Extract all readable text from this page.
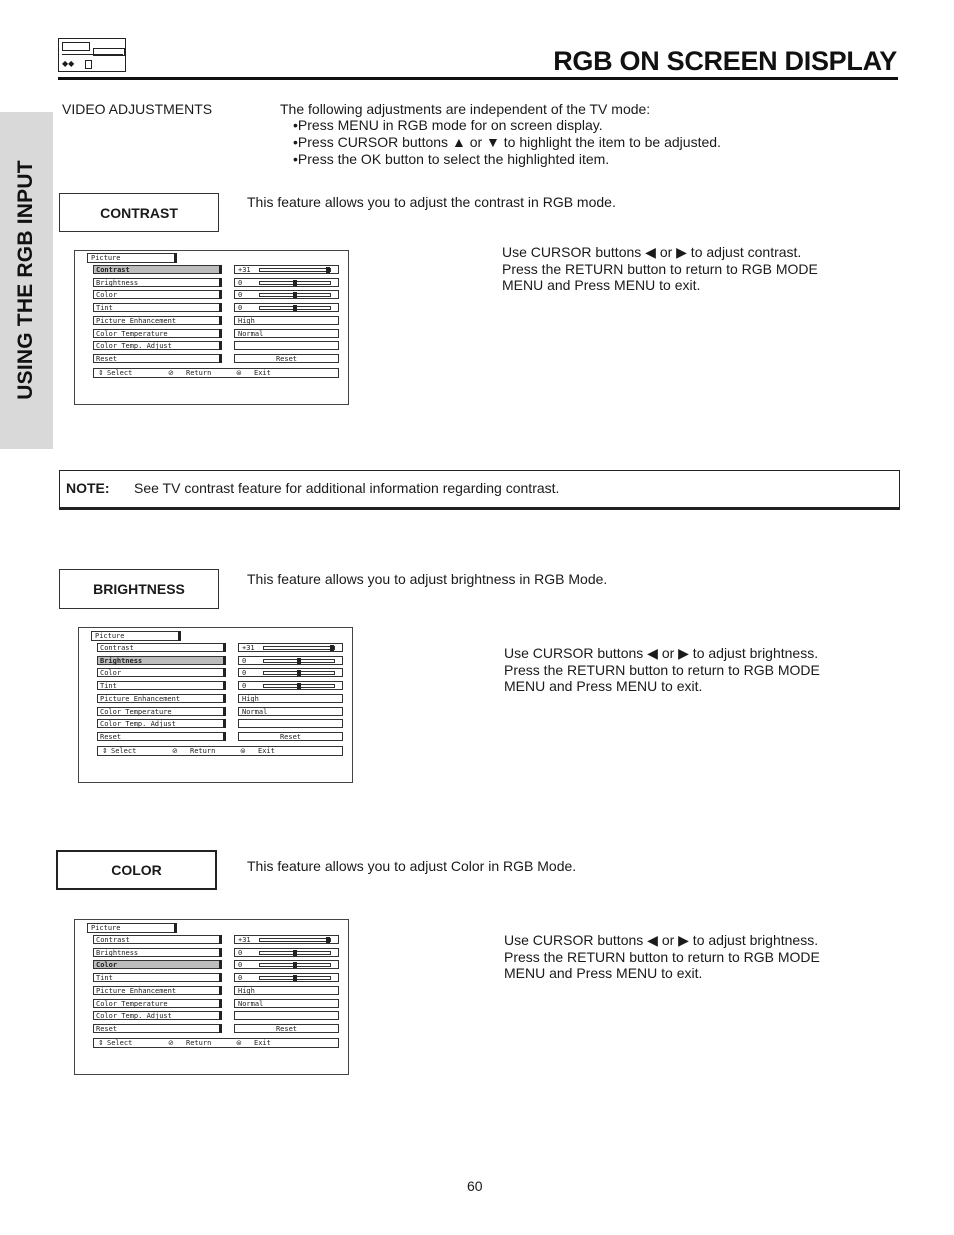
◆◆	RGB ON SCREEN DISPLAY
USING THE RGB INPUT
VIDEO ADJUSTMENTS	The following adjustments are independent of the TV mode:
•Press MENU in RGB mode for on screen display.
•Press CURSOR buttons ▲ or ▼ to highlight the item to be adjusted.
•Press the OK button to select the highlighted item.
CONTRAST
This feature allows you to adjust the contrast in RGB mode.

Use CURSOR buttons ◀ or ▶ to adjust contrast.

Press the RETURN button to return to RGB MODE

MENU and Press MENU to exit.

Picture
Contrast	+31
Brightness	0
Color	0
Tint	0
Picture Enhancement	High
Color Temperature	Normal
Color Temp. Adjust
Reset	Reset
⇕ Select	⊘ Return	⊜ Exit
NOTE: See TV contrast feature for additional information regarding contrast.
BRIGHTNESS
This feature allows you to adjust brightness in RGB Mode.

Use CURSOR buttons ◀ or ▶ to adjust brightness.

Press the RETURN button to return to RGB MODE

MENU and Press MENU to exit.

Picture
Contrast	+31
Brightness	0
Color	0
Tint	0
Picture Enhancement	High
Color Temperature	Normal
Color Temp. Adjust
Reset	Reset
⇕ Select	⊘ Return	⊜ Exit
COLOR	This feature allows you to adjust Color in RGB Mode.

Use CURSOR buttons ◀ or ▶ to adjust brightness.

Press the RETURN button to return to RGB MODE

MENU and Press MENU to exit.

Picture
Contrast	+31
Brightness	0
Color	0
Tint	0
Picture Enhancement	High
Color Temperature	Normal
Color Temp. Adjust
Reset	Reset
⇕ Select	⊘ Return	⊜ Exit
60
